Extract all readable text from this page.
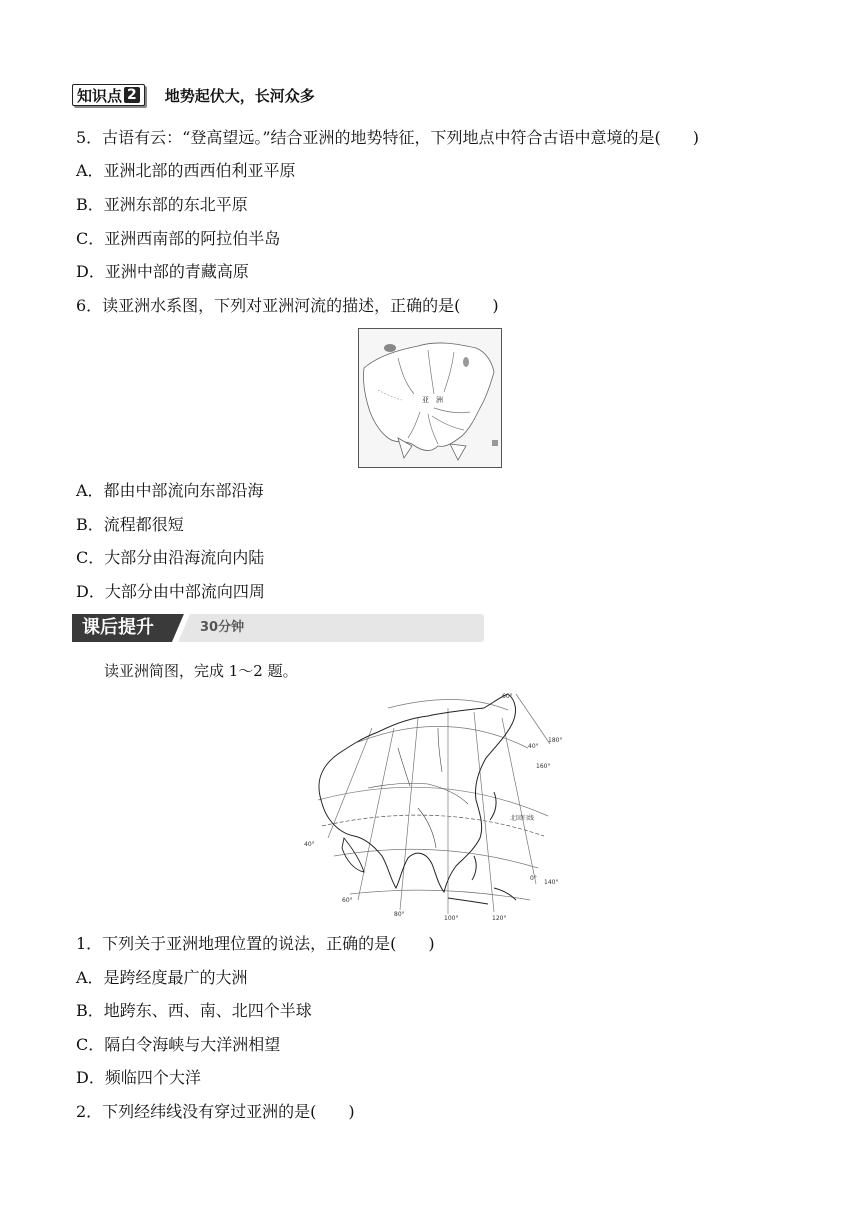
知识点 2 地势起伏大，长河众多
5．古语有云：“登高望远。”结合亚洲的地势特征，下列地点中符合古语中意境的是(　　)
A．亚洲北部的西西伯利亚平原
B．亚洲东部的东北平原
C．亚洲西南部的阿拉伯半岛
D．亚洲中部的青藏高原
6．读亚洲水系图，下列对亚洲河流的描述，正确的是(　　)
亚　洲
A．都由中部流向东部沿海
B．流程都很短
C．大部分由沿海流向内陆
D．大部分由中部流向四周
课后提升	30分钟
读亚洲简图，完成 1～2 题。
60°
180°
40°
160°
北回归线
40°
0°
140°
60°
80°
100°	120°
1．下列关于亚洲地理位置的说法，正确的是(　　)
A．是跨经度最广的大洲
B．地跨东、西、南、北四个半球
C．隔白令海峡与大洋洲相望
D．频临四个大洋
2．下列经纬线没有穿过亚洲的是(　　)
